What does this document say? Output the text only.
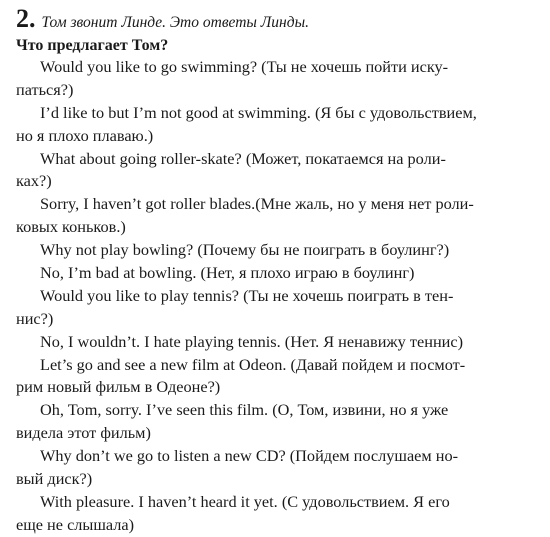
2. Том звонит Линде. Это ответы Линды.
Что предлагает Том?
Would you like to go swimming? (Ты не хочешь пойти иску-
паться?)
I’d like to but I’m not good at swimming. (Я бы с удовольствием,
но я плохо плаваю.)
What about going roller-skate? (Может, покатаемся на роли-
ках?)
Sorry, I haven’t got roller blades.(Мне жаль, но у меня нет роли-
ковых коньков.)
Why not play bowling? (Почему бы не поиграть в боулинг?)
No, I’m bad at bowling. (Нет, я плохо играю в боулинг)
Would you like to play tennis? (Ты не хочешь поиграть в тен-
нис?)
No, I wouldn’t. I hate playing tennis. (Нет. Я ненавижу теннис)
Let’s go and see a new film at Odeon. (Давай пойдем и посмот-
рим новый фильм в Одеоне?)
Oh, Tom, sorry. I’ve seen this film. (О, Том, извини, но я уже
видела этот фильм)
Why don’t we go to listen a new CD? (Пойдем послушаем но-
вый диск?)
With pleasure. I haven’t heard it yet. (С удовольствием. Я его
еще не слышала)
